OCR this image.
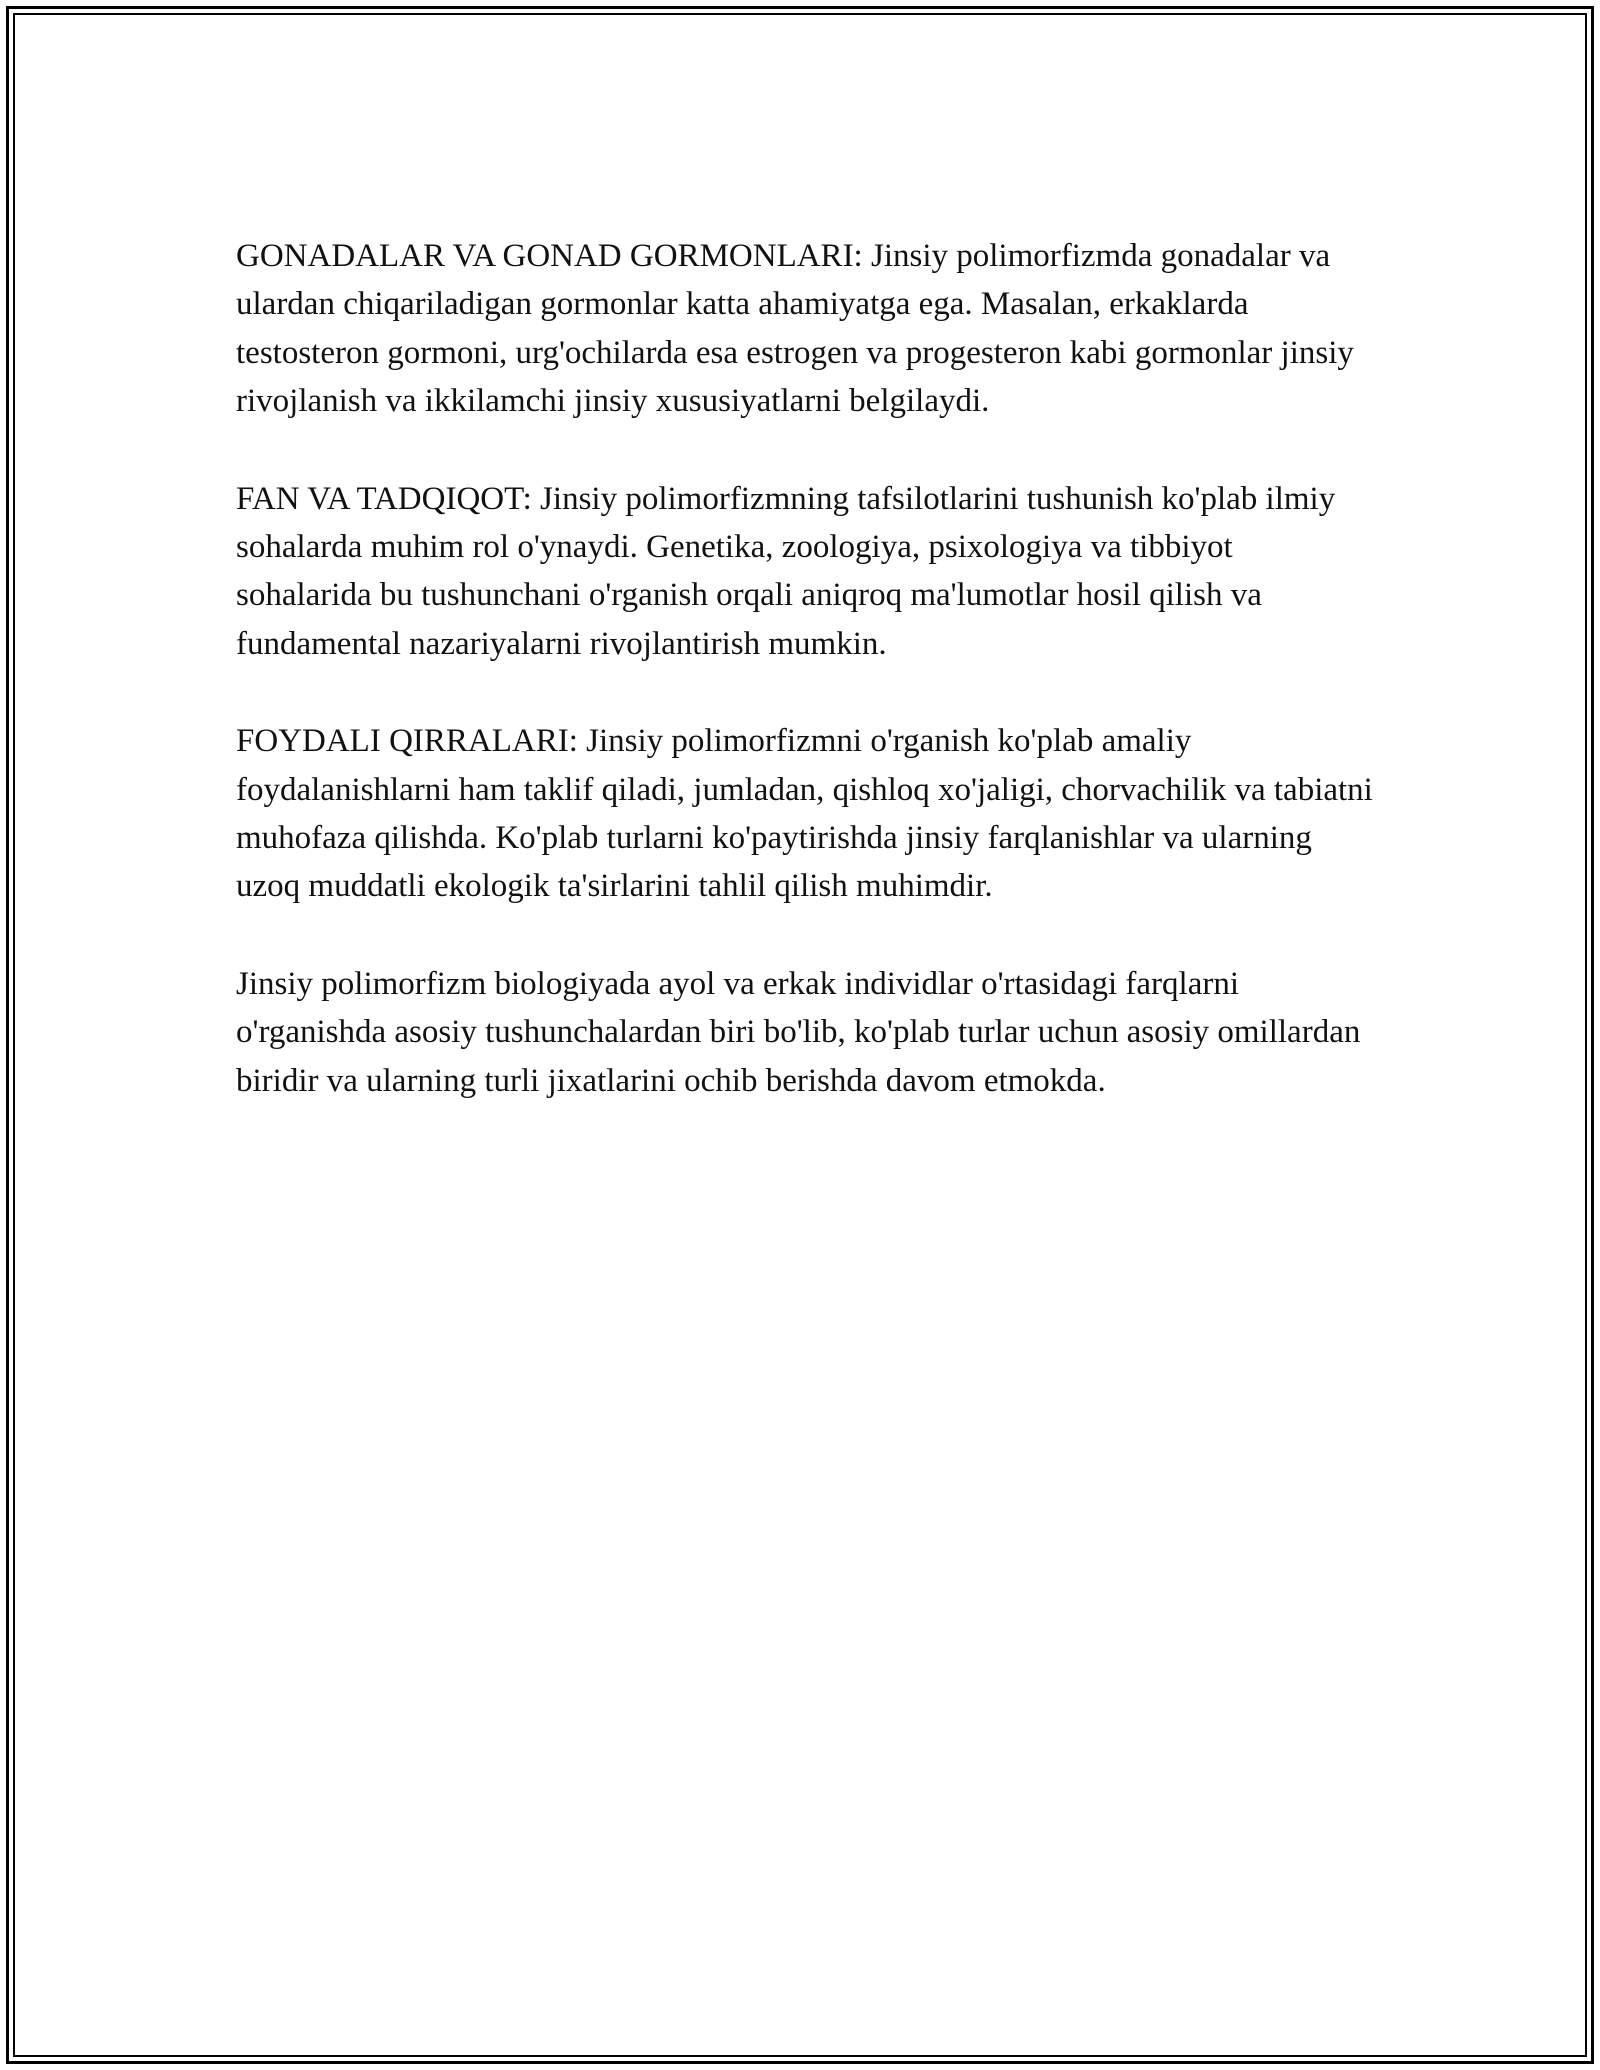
GONADALAR VA GONAD GORMONLARI: Jinsiy polimorfizmda gonadalar va ulardan chiqariladigan gormonlar katta ahamiyatga ega. Masalan, erkaklarda testosteron gormoni, urg'ochilarda esa estrogen va progesteron kabi gormonlar jinsiy rivojlanish va ikkilamchi jinsiy xususiyatlarni belgilaydi.

FAN VA TADQIQOT: Jinsiy polimorfizmning tafsilotlarini tushunish ko'plab ilmiy sohalarda muhim rol o'ynaydi. Genetika, zoologiya, psixologiya va tibbiyot sohalarida bu tushunchani o'rganish orqali aniqroq ma'lumotlar hosil qilish va fundamental nazariyalarni rivojlantirish mumkin.

FOYDALI QIRRALARI: Jinsiy polimorfizmni o'rganish ko'plab amaliy foydalanishlarni ham taklif qiladi, jumladan, qishloq xo'jaligi, chorvachilik va tabiatni muhofaza qilishda. Ko'plab turlarni ko'paytirishda jinsiy farqlanishlar va ularning uzoq muddatli ekologik ta'sirlarini tahlil qilish muhimdir.

Jinsiy polimorfizm biologiyada ayol va erkak individlar o'rtasidagi farqlarni o'rganishda asosiy tushunchalardan biri bo'lib, ko'plab turlar uchun asosiy omillardan biridir va ularning turli jixatlarini ochib berishda davom etmokda.
